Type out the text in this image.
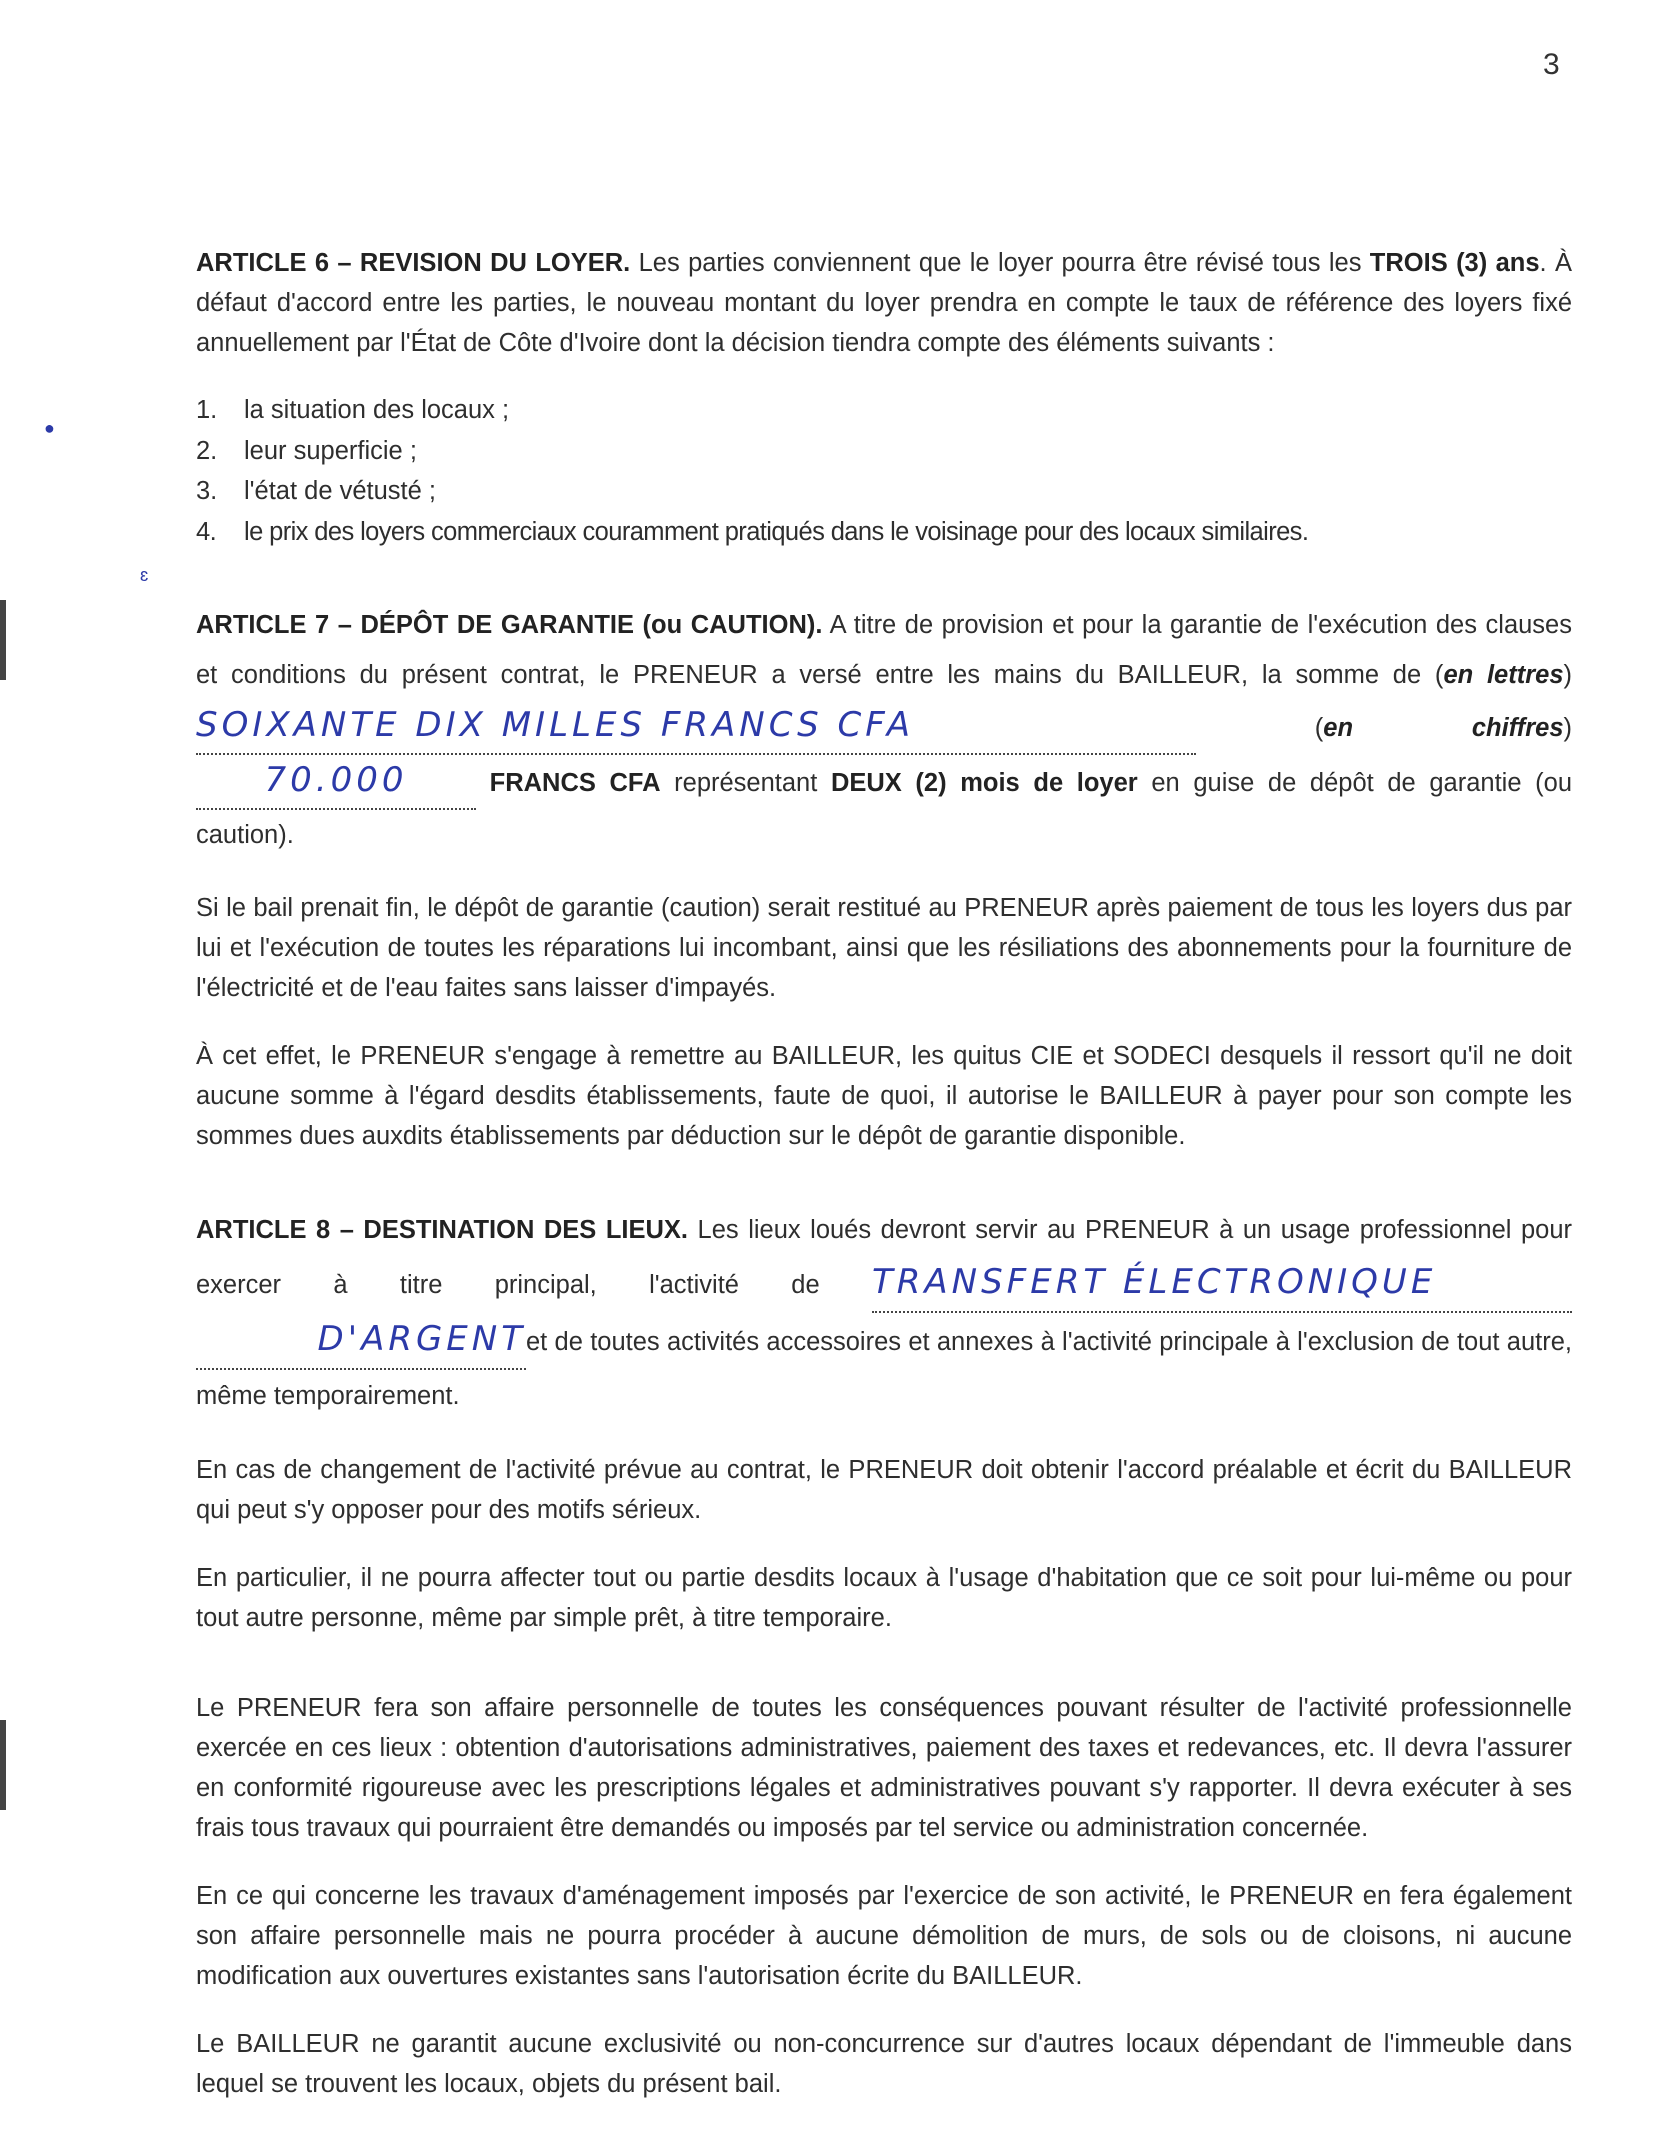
3
●
ɛ

ARTICLE 6 – REVISION DU LOYER. Les parties conviennent que le loyer pourra être révisé tous les TROIS (3) ans. À défaut d'accord entre les parties, le nouveau montant du loyer prendra en compte le taux de référence des loyers fixé annuellement par l'État de Côte d'Ivoire dont la décision tiendra compte des éléments suivants :

1. la situation des locaux ;
2. leur superficie ;
3. l'état de vétusté ;
4. le prix des loyers commerciaux couramment pratiqués dans le voisinage pour des locaux similaires.

ARTICLE 7 – DÉPÔT DE GARANTIE (ou CAUTION). A titre de provision et pour la garantie de l'exécution des clauses et conditions du présent contrat, le PRENEUR a versé entre les mains du BAILLEUR, la somme de (en lettres) SOIXANTE DIX MILLES FRANCS CFA	(en chiffres) 70.000	FRANCS CFA représentant DEUX (2) mois de loyer en guise de dépôt de garantie (ou caution).

Si le bail prenait fin, le dépôt de garantie (caution) serait restitué au PRENEUR après paiement de tous les loyers dus par lui et l'exécution de toutes les réparations lui incombant, ainsi que les résiliations des abonnements pour la fourniture de l'électricité et de l'eau faites sans laisser d'impayés.

À cet effet, le PRENEUR s'engage à remettre au BAILLEUR, les quitus CIE et SODECI desquels il ressort qu'il ne doit aucune somme à l'égard desdits établissements, faute de quoi, il autorise le BAILLEUR à payer pour son compte les sommes dues auxdits établissements par déduction sur le dépôt de garantie disponible.

ARTICLE 8 – DESTINATION DES LIEUX. Les lieux loués devront servir au PRENEUR à un usage professionnel pour exercer à titre principal, l'activité de TRANSFERT ÉLECTRONIQUE D'ARGENTet de toutes activités accessoires et annexes à l'activité principale à l'exclusion de tout autre, même temporairement.

En cas de changement de l'activité prévue au contrat, le PRENEUR doit obtenir l'accord préalable et écrit du BAILLEUR qui peut s'y opposer pour des motifs sérieux.

En particulier, il ne pourra affecter tout ou partie desdits locaux à l'usage d'habitation que ce soit pour lui-même ou pour tout autre personne, même par simple prêt, à titre temporaire.

Le PRENEUR fera son affaire personnelle de toutes les conséquences pouvant résulter de l'activité professionnelle exercée en ces lieux : obtention d'autorisations administratives, paiement des taxes et redevances, etc. Il devra l'assurer en conformité rigoureuse avec les prescriptions légales et administratives pouvant s'y rapporter. Il devra exécuter à ses frais tous travaux qui pourraient être demandés ou imposés par tel service ou administration concernée.

En ce qui concerne les travaux d'aménagement imposés par l'exercice de son activité, le PRENEUR en fera également son affaire personnelle mais ne pourra procéder à aucune démolition de murs, de sols ou de cloisons, ni aucune modification aux ouvertures existantes sans l'autorisation écrite du BAILLEUR.

Le BAILLEUR ne garantit aucune exclusivité ou non-concurrence sur d'autres locaux dépendant de l'immeuble dans lequel se trouvent les locaux, objets du présent bail.
